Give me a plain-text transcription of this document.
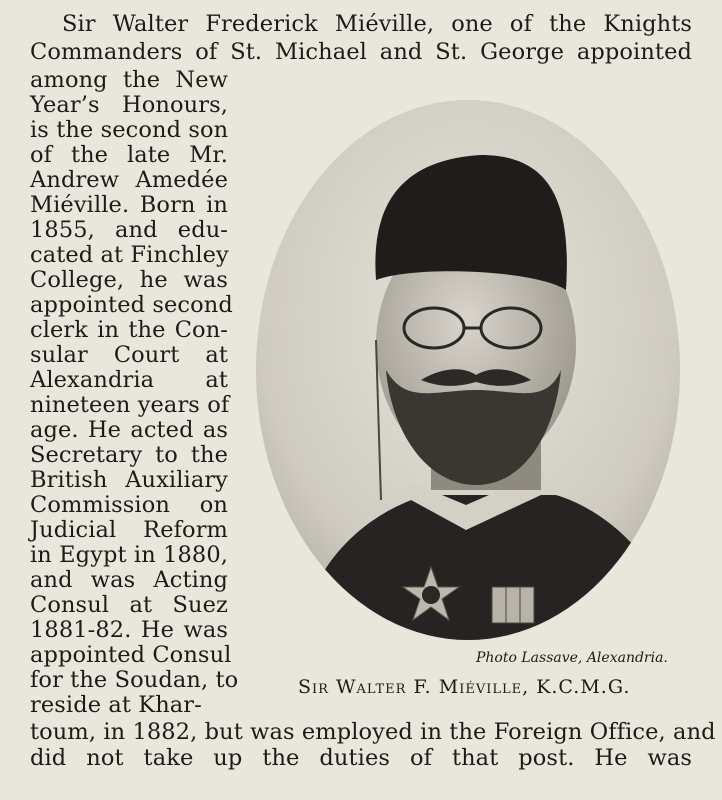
Sir Walter Frederick Miéville, one of the Knights
Commanders of St. Michael and St. George appointed
among the New
Year’s Honours,
is the second son
of the late Mr.
Andrew Amedée
Miéville. Born in
1855, and edu-
cated at Finchley
College, he was
appointed second
clerk in the Con-
sular Court at
Alexandria at
nineteen years of
age. He acted as
Secretary to the
British Auxiliary
Commission on
Judicial Reform
in Egypt in 1880,
and was Acting
Consul at Suez
1881-82. He was
appointed Consul
for the Soudan, to
reside at Khar-
toum, in 1882, but was employed in the Foreign Office, and
did not take up the duties of that post. He was
Photo Lassave, Alexandria.
Sir Walter F. Miéville, K.C.M.G.
